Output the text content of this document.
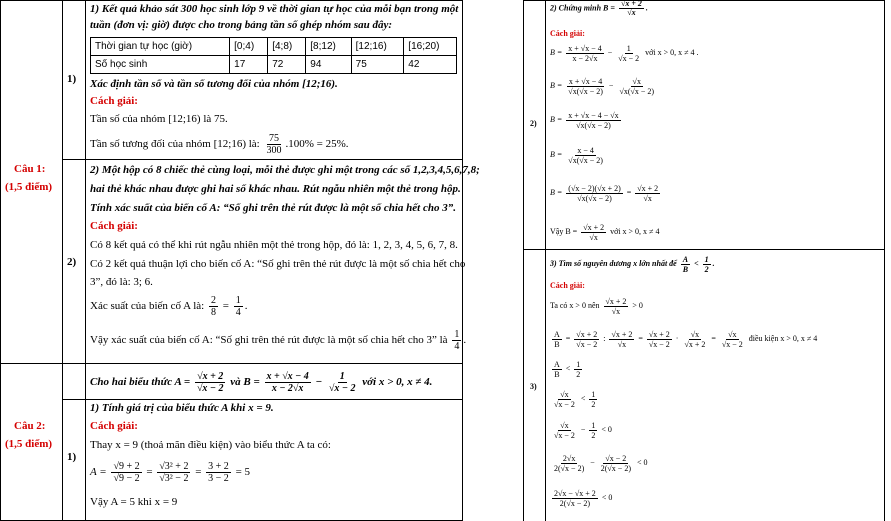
Câu 1:
(1,5 điểm)
Câu 2:
(1,5 điểm)
1)
2)
1)
1) Kết quả khảo sát 300 học sinh lớp 9 về thời gian tự học của mỗi bạn trong một
tuần (đơn vị: giờ) được cho trong bảng tần số ghép nhóm sau đây:
Thời gian tự học (giờ)	[0;4)	[4;8)	[8;12)	[12;16)	[16;20)
Số học sinh	17	72	94	75	42
Xác định tần số và tần số tương đối của nhóm [12;16).
Cách giải:
Tần số của nhóm [12;16) là 75.
Tần số tương đối của nhóm [12;16) là: $\frac{75}{300} .100\% = 25\%$.
2) Một hộp có 8 chiếc thẻ cùng loại, mỗi thẻ được ghi một trong các số 1,2,3,4,5,6,7,8;
hai thẻ khác nhau được ghi hai số khác nhau. Rút ngẫu nhiên một thẻ trong hộp.
Tính xác suất của biến cố A: “Số ghi trên thẻ rút được là một số chia hết cho 3”.
Cách giải:
Có 8 kết quả có thể khi rút ngẫu nhiên một thẻ trong hộp, đó là: 1, 2, 3, 4, 5, 6, 7, 8.
Có 2 kết quả thuận lợi cho biến cố A: “Số ghi trên thẻ rút được là một số chia hết cho
3”, đó là: 3; 6.
Xác suất của biến cố A là: $\frac{2}{8} = \frac{1}{4}$ .
Vậy xác suất của biến cố A: “Số ghi trên thẻ rút được là một số chia hết cho 3” là $\frac{1}{4}$ .
Cho hai biểu thức $A = \frac{√x + 2}{√x - 2}$ và $B = \frac{x + √x - 4}{x - 2√x} - \frac{1}{√x - 2}$ với x > 0, x ≠ 4.
1) Tính giá trị của biểu thức A khi x = 9.
Cách giải:
Thay x = 9 (thoả mãn điều kiện) vào biểu thức A ta có:
$A = \frac{√9 + 2}{√9 - 2} = \frac{\text{√3² + 2}}{\text{√3² − 2}} = \frac{3 + 2}{3 - 2} = 5$
Vậy A = 5 khi x = 9
2)
3)
2) Chứng minh $B = \frac{√x + 2}{√x}$ .
Cách giải:
$B = \frac{x + √x - 4}{x - 2√x} - \frac{1}{√x - 2}$ với x > 0, x ≠ 4 .
$B = \frac{x + √x - 4}{√x(√x - 2)} - \frac{√x}{√x(√x - 2)}$
$B = \frac{x + √x - 4 - √x}{√x(√x - 2)}$
$B = \frac{x - 4}{√x(√x - 2)}$
$B = \frac{(√x - 2)(√x + 2)}{√x(√x - 2)} = \frac{√x + 2}{√x}$
Vậy $B = \frac{√x + 2}{√x}$ với x > 0, x ≠ 4
3) Tìm số nguyên dương x lớn nhất để $\frac{A}{B} < \frac{1}{2}$ .
Cách giải:
Ta có x > 0 nên $\frac{√x + 2}{√x} > 0$
$\frac{A}{B} = \frac{√x + 2}{√x - 2}$ : $\frac{√x + 2}{√x} = \frac{√x + 2}{√x - 2} \cdot \frac{√x}{√x + 2} = \frac{√x}{√x - 2}$ điều kiện x > 0, x ≠ 4
$\frac{A}{B} < \frac{1}{2}$
$\frac{√x}{√x - 2} < \frac{1}{2}$
$\frac{√x}{√x - 2} - \frac{1}{2} < 0$
$\frac{2√x}{2(√x - 2)} - \frac{√x - 2}{2(√x - 2)} < 0$
$\frac{2√x - √x + 2}{2(√x - 2)} < 0$
